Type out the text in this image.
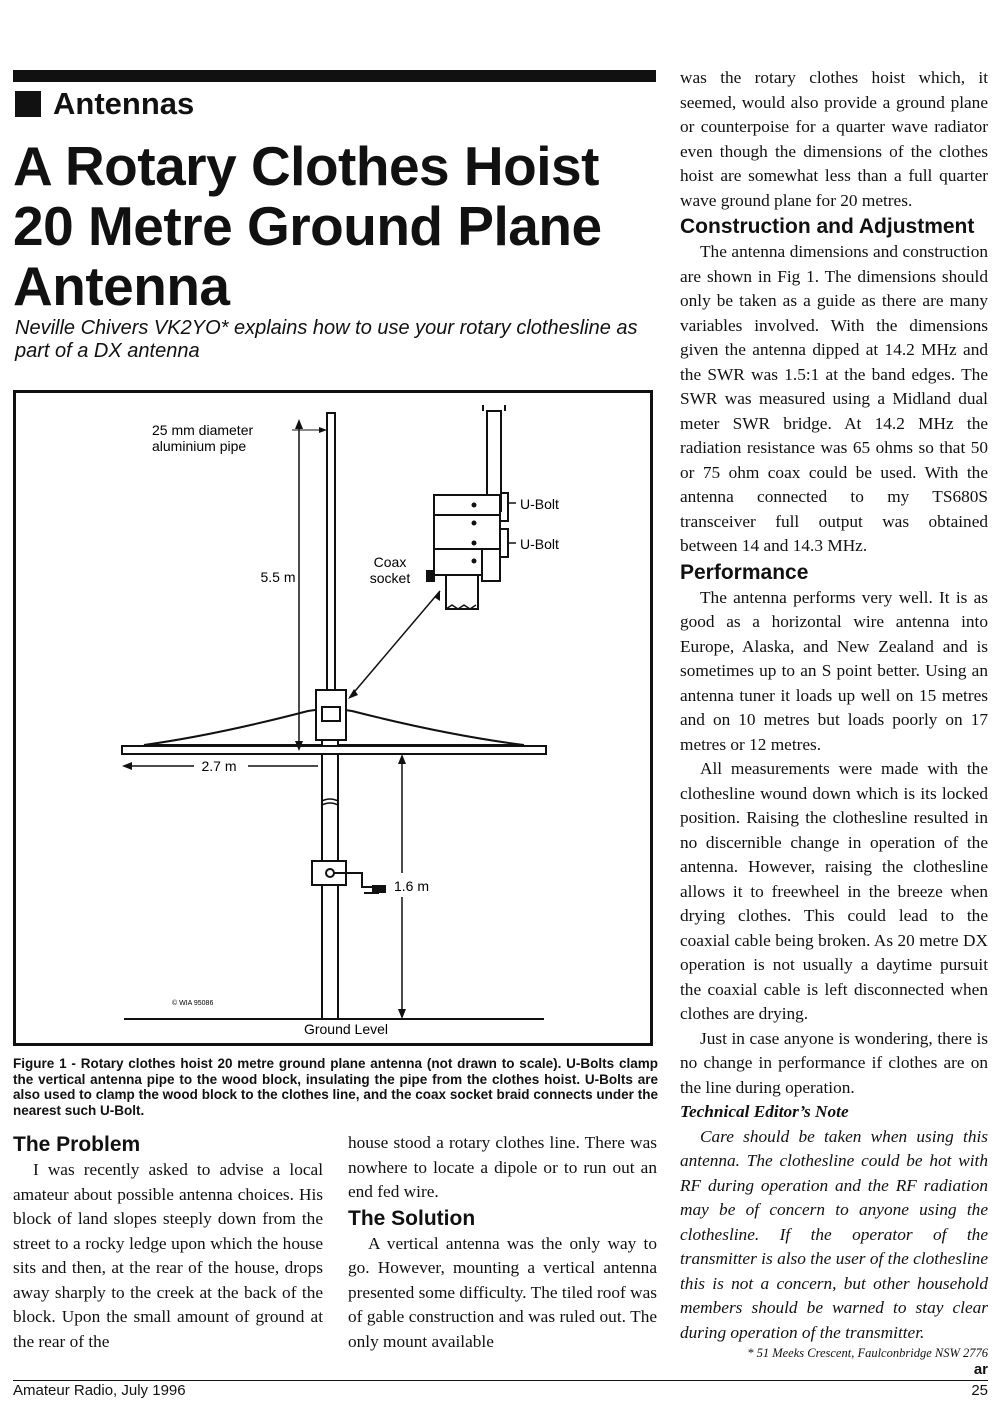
Antennas
A Rotary Clothes Hoist
20 Metre Ground Plane
Antenna
Neville Chivers VK2YO* explains how to use your rotary clothesline as part of a DX antenna
25 mm diameter
aluminium pipe
5.5 m
Coax
socket
U-Bolt
U-Bolt
2.7 m
1.6 m
Ground Level
© WIA 95086
Figure 1 - Rotary clothes hoist 20 metre ground plane antenna (not drawn to scale). U-Bolts clamp the vertical antenna pipe to the wood block, insulating the pipe from the clothes hoist. U-Bolts are also used to clamp the wood block to the clothes line, and the coax socket braid connects under the nearest such U-Bolt.
The Problem

I was recently asked to advise a local amateur about possible antenna choices. His block of land slopes steeply down from the street to a rocky ledge upon which the house sits and then, at the rear of the house, drops away sharply to the creek at the back of the block. Upon the small amount of ground at the rear of the

house stood a rotary clothes line. There was nowhere to locate a dipole or to run out an end fed wire.

The Solution

A vertical antenna was the only way to go. However, mounting a vertical antenna presented some difficulty. The tiled roof was of gable construction and was ruled out. The only mount available

was the rotary clothes hoist which, it seemed, would also provide a ground plane or counterpoise for a quarter wave radiator even though the dimensions of the clothes hoist are somewhat less than a full quarter wave ground plane for 20 metres.

Construction and Adjustment

The antenna dimensions and construction are shown in Fig 1. The dimensions should only be taken as a guide as there are many variables involved. With the dimensions given the antenna dipped at 14.2 MHz and the SWR was 1.5:1 at the band edges. The SWR was measured using a Midland dual meter SWR bridge. At 14.2 MHz the radiation resistance was 65 ohms so that 50 or 75 ohm coax could be used. With the antenna connected to my TS680S transceiver full output was obtained between 14 and 14.3 MHz.

Performance

The antenna performs very well. It is as good as a horizontal wire antenna into Europe, Alaska, and New Zealand and is sometimes up to an S point better. Using an antenna tuner it loads up well on 15 metres and on 10 metres but loads poorly on 17 metres or 12 metres.

All measurements were made with the clothesline wound down which is its locked position. Raising the clothesline resulted in no discernible change in operation of the antenna. However, raising the clothesline allows it to freewheel in the breeze when drying clothes. This could lead to the coaxial cable being broken. As 20 metre DX operation is not usually a daytime pursuit the coaxial cable is left disconnected when clothes are drying.

Just in case anyone is wondering, there is no change in performance if clothes are on the line during operation.

Technical Editor’s Note

Care should be taken when using this antenna. The clothesline could be hot with RF during operation and the RF radiation may be of concern to anyone using the clothesline. If the operator of the transmitter is also the user of the clothesline this is not a concern, but other household members should be warned to stay clear during operation of the transmitter.

* 51 Meeks Crescent, Faulconbridge NSW 2776
ar
Amateur Radio, July 1996	25
